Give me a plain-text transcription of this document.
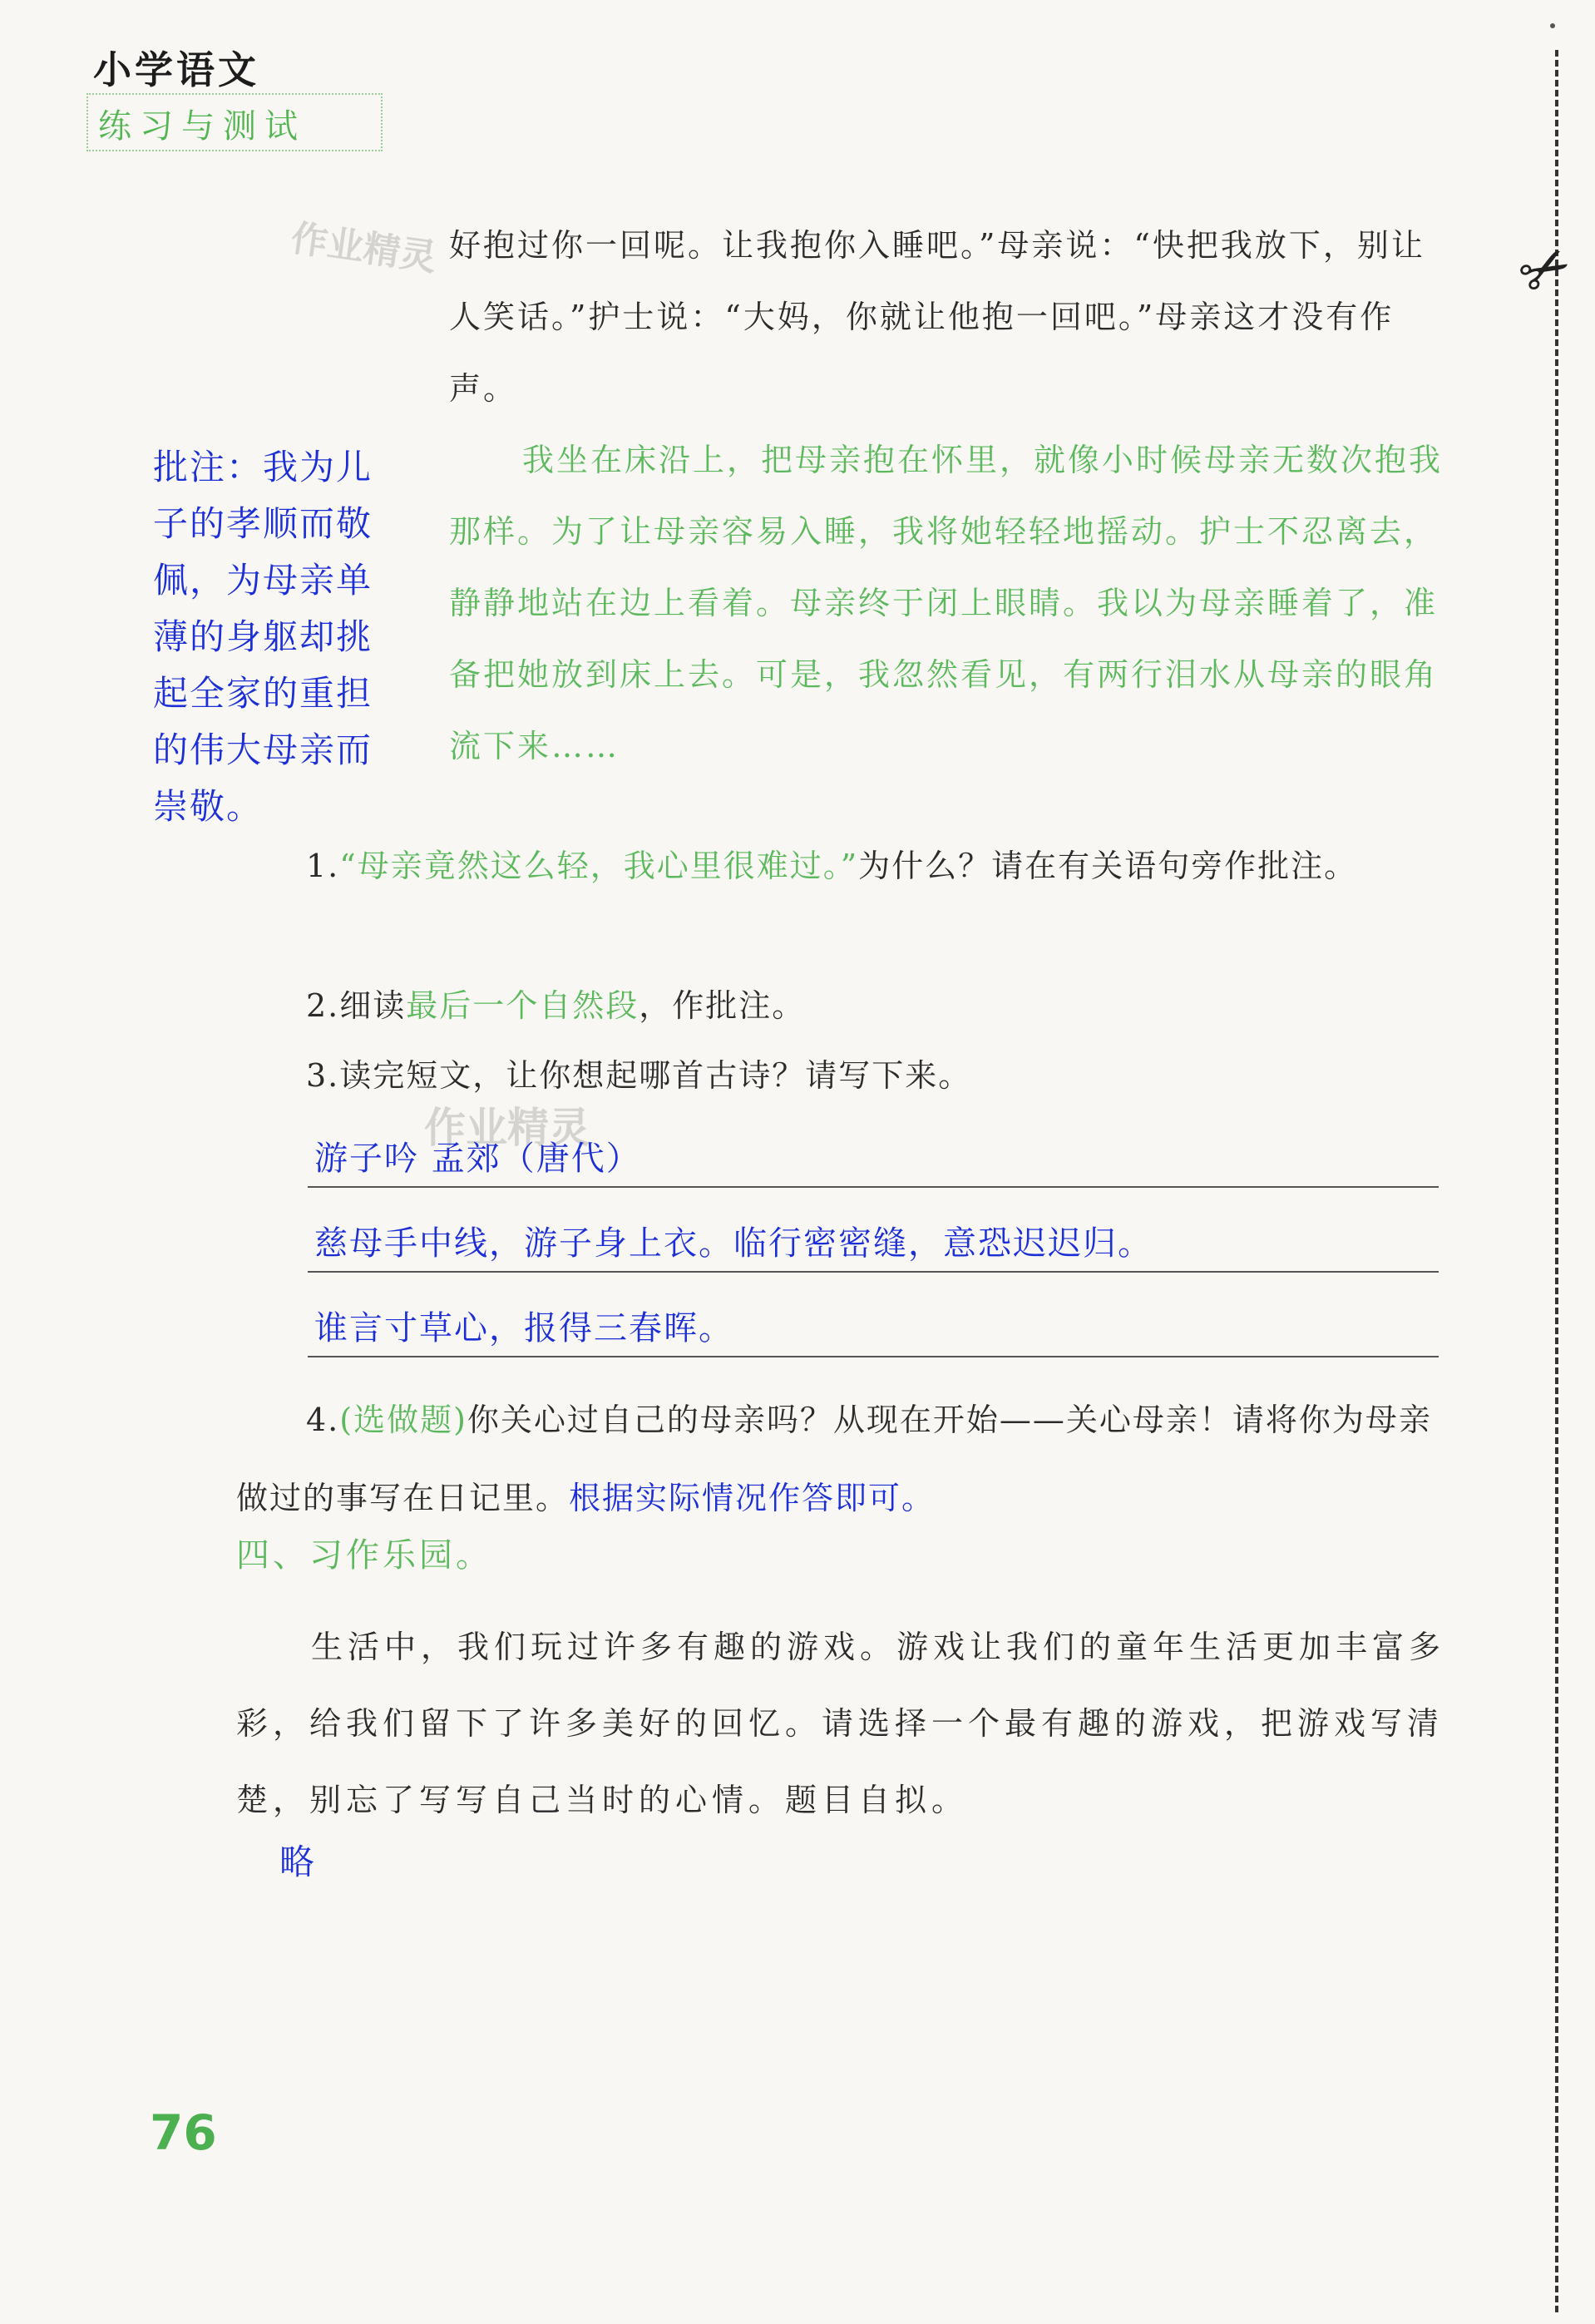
小学语文
练习与测试
✂
作业精灵
作业精灵
好抱过你一回呢。让我抱你入睡吧。”母亲说：“快把我放下，别让人笑话。”护士说：“大妈，你就让他抱一回吧。”母亲这才没有作声。
批注：我为儿子的孝顺而敬佩，为母亲单薄的身躯却挑起全家的重担的伟大母亲而崇敬。
我坐在床沿上，把母亲抱在怀里，就像小时候母亲无数次抱我那样。为了让母亲容易入睡，我将她轻轻地摇动。护士不忍离去，静静地站在边上看着。母亲终于闭上眼睛。我以为母亲睡着了，准备把她放到床上去。可是，我忽然看见，有两行泪水从母亲的眼角流下来……
1.“母亲竟然这么轻，我心里很难过。”为什么？请在有关语句旁作批注。
2.细读最后一个自然段，作批注。
3.读完短文，让你想起哪首古诗？请写下来。
游子吟 孟郊（唐代）
慈母手中线，游子身上衣。临行密密缝，意恐迟迟归。
谁言寸草心，报得三春晖。
4.(选做题)你关心过自己的母亲吗？从现在开始——关心母亲！请将你为母亲做过的事写在日记里。根据实际情况作答即可。
四、习作乐园。
生活中，我们玩过许多有趣的游戏。游戏让我们的童年生活更加丰富多彩，给我们留下了许多美好的回忆。请选择一个最有趣的游戏，把游戏写清楚，别忘了写写自己当时的心情。题目自拟。
略
76
